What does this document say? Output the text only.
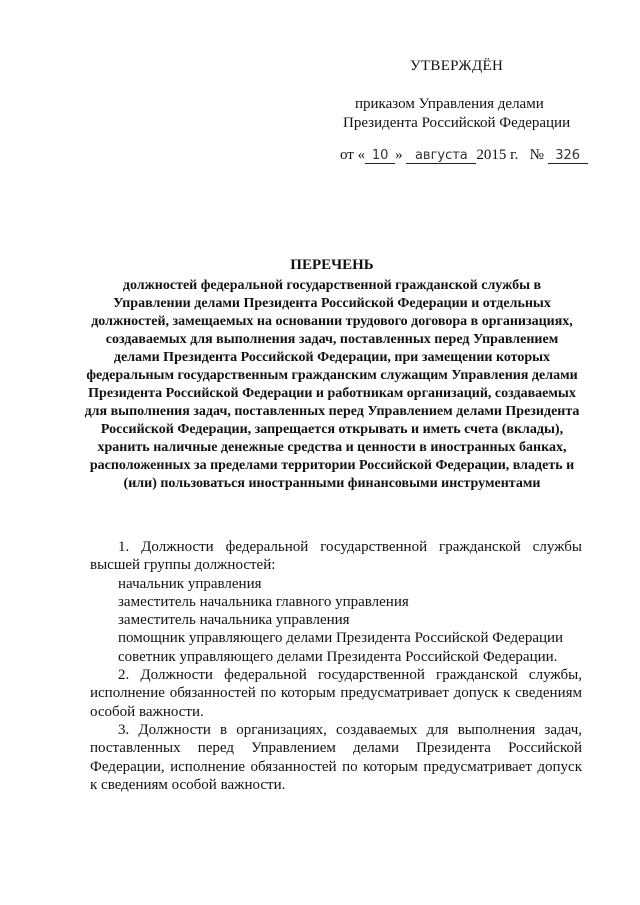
УТВЕРЖДЁН
приказом Управления делами
Президента Российской Федерации
от « 10 » августа 2015 г. № 326
ПЕРЕЧЕНЬ
должностей федеральной государственной гражданской службы в Управлении делами Президента Российской Федерации и отдельных должностей, замещаемых на основании трудового договора в организациях, создаваемых для выполнения задач, поставленных перед Управлением делами Президента Российской Федерации, при замещении которых федеральным государственным гражданским служащим Управления делами Президента Российской Федерации и работникам организаций, создаваемых для выполнения задач, поставленных перед Управлением делами Президента Российской Федерации, запрещается открывать и иметь счета (вклады), хранить наличные денежные средства и ценности в иностранных банках, расположенных за пределами территории Российской Федерации, владеть и (или) пользоваться иностранными финансовыми инструментами

1. Должности федеральной государственной гражданской службы высшей группы должностей:

начальник управления

заместитель начальника главного управления

заместитель начальника управления

помощник управляющего делами Президента Российской Федерации

советник управляющего делами Президента Российской Федерации.

2. Должности федеральной государственной гражданской службы, исполнение обязанностей по которым предусматривает допуск к сведениям особой важности.

3. Должности в организациях, создаваемых для выполнения задач, поставленных перед Управлением делами Президента Российской Федерации, исполнение обязанностей по которым предусматривает допуск к сведениям особой важности.
